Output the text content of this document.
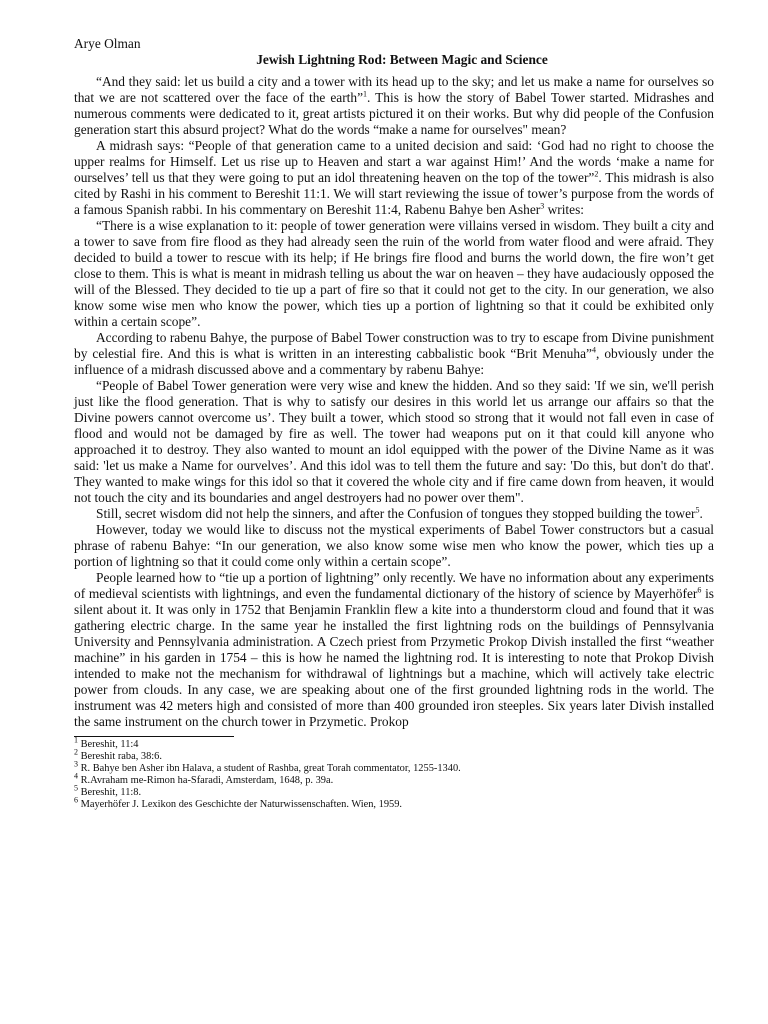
Arye Olman

Jewish Lightning Rod: Between Magic and Science

“And they said: let us build a city and a tower with its head up to the sky; and let us make a name for ourselves so that we are not scattered over the face of the earth”$^1$. This is how the story of Babel Tower started. Midrashes and numerous comments were dedicated to it, great artists pictured it on their works. But why did people of the Confusion generation start this absurd project? What do the words “make a name for ourselves" mean?

A midrash says: “People of that generation came to a united decision and said: ‘God had no right to choose the upper realms for Himself. Let us rise up to Heaven and start a war against Him!’ And the words ‘make a name for ourselves’ tell us that they were going to put an idol threatening heaven on the top of the tower”$^2$. This midrash is also cited by Rashi in his comment to Bereshit 11:1. We will start reviewing the issue of tower’s purpose from the words of a famous Spanish rabbi. In his commentary on Bereshit 11:4, Rabenu Bahye ben Asher$^3$ writes:

“There is a wise explanation to it: people of tower generation were villains versed in wisdom. They built a city and a tower to save from fire flood as they had already seen the ruin of the world from water flood and were afraid. They decided to build a tower to rescue with its help; if He brings fire flood and burns the world down, the fire won’t get close to them. This is what is meant in midrash telling us about the war on heaven – they have audaciously opposed the will of the Blessed. They decided to tie up a part of fire so that it could not get to the city. In our generation, we also know some wise men who know the power, which ties up a portion of lightning so that it could be exhibited only within a certain scope”.

According to rabenu Bahye, the purpose of Babel Tower construction was to try to escape from Divine punishment by celestial fire. And this is what is written in an interesting cabbalistic book “Brit Menuha”$^4$, obviously under the influence of a midrash discussed above and a commentary by rabenu Bahye:

“People of Babel Tower generation were very wise and knew the hidden. And so they said: 'If we sin, we'll perish just like the flood generation. That is why to satisfy our desires in this world let us arrange our affairs so that the Divine powers cannot overcome us’. They built a tower, which stood so strong that it would not fall even in case of flood and would not be damaged by fire as well. The tower had weapons put on it that could kill anyone who approached it to destroy. They also wanted to mount an idol equipped with the power of the Divine Name as it was said: 'let us make a Name for ourvelves’. And this idol was to tell them the future and say: 'Do this, but don't do that'. They wanted to make wings for this idol so that it covered the whole city and if fire came down from heaven, it would not touch the city and its boundaries and angel destroyers had no power over them".

Still, secret wisdom did not help the sinners, and after the Confusion of tongues they stopped building the tower$^5$.

However, today we would like to discuss not the mystical experiments of Babel Tower constructors but a casual phrase of rabenu Bahye: “In our generation, we also know some wise men who know the power, which ties up a portion of lightning so that it could come only within a certain scope”.

People learned how to “tie up a portion of lightning” only recently. We have no information about any experiments of medieval scientists with lightnings, and even the fundamental dictionary of the history of science by Mayerhöfer$^6$ is silent about it. It was only in 1752 that Benjamin Franklin flew a kite into a thunderstorm cloud and found that it was gathering electric charge. In the same year he installed the first lightning rods on the buildings of Pennsylvania University and Pennsylvania administration. A Czech priest from Przymetic Prokop Divish installed the first “weather machine” in his garden in 1754 – this is how he named the lightning rod. It is interesting to note that Prokop Divish intended to make not the mechanism for withdrawal of lightnings but a machine, which will actively take electric power from clouds. In any case, we are speaking about one of the first grounded lightning rods in the world. The instrument was 42 meters high and consisted of more than 400 grounded iron steeples. Six years later Divish installed the same instrument on the church tower in Przymetic. Prokop

$^1$ Bereshit, 11:4
$^2$ Bereshit raba, 38:6.
$^3$ R. Bahye ben Asher ibn Halava, a student of Rashba, great Torah commentator, 1255-1340.
$^4$ R.Avraham me-Rimon ha-Sfaradi, Amsterdam, 1648, p. 39a.
$^5$ Bereshit, 11:8.
$^6$ Mayerhöfer J. Lexikon des Geschichte der Naturwissenschaften. Wien, 1959.
